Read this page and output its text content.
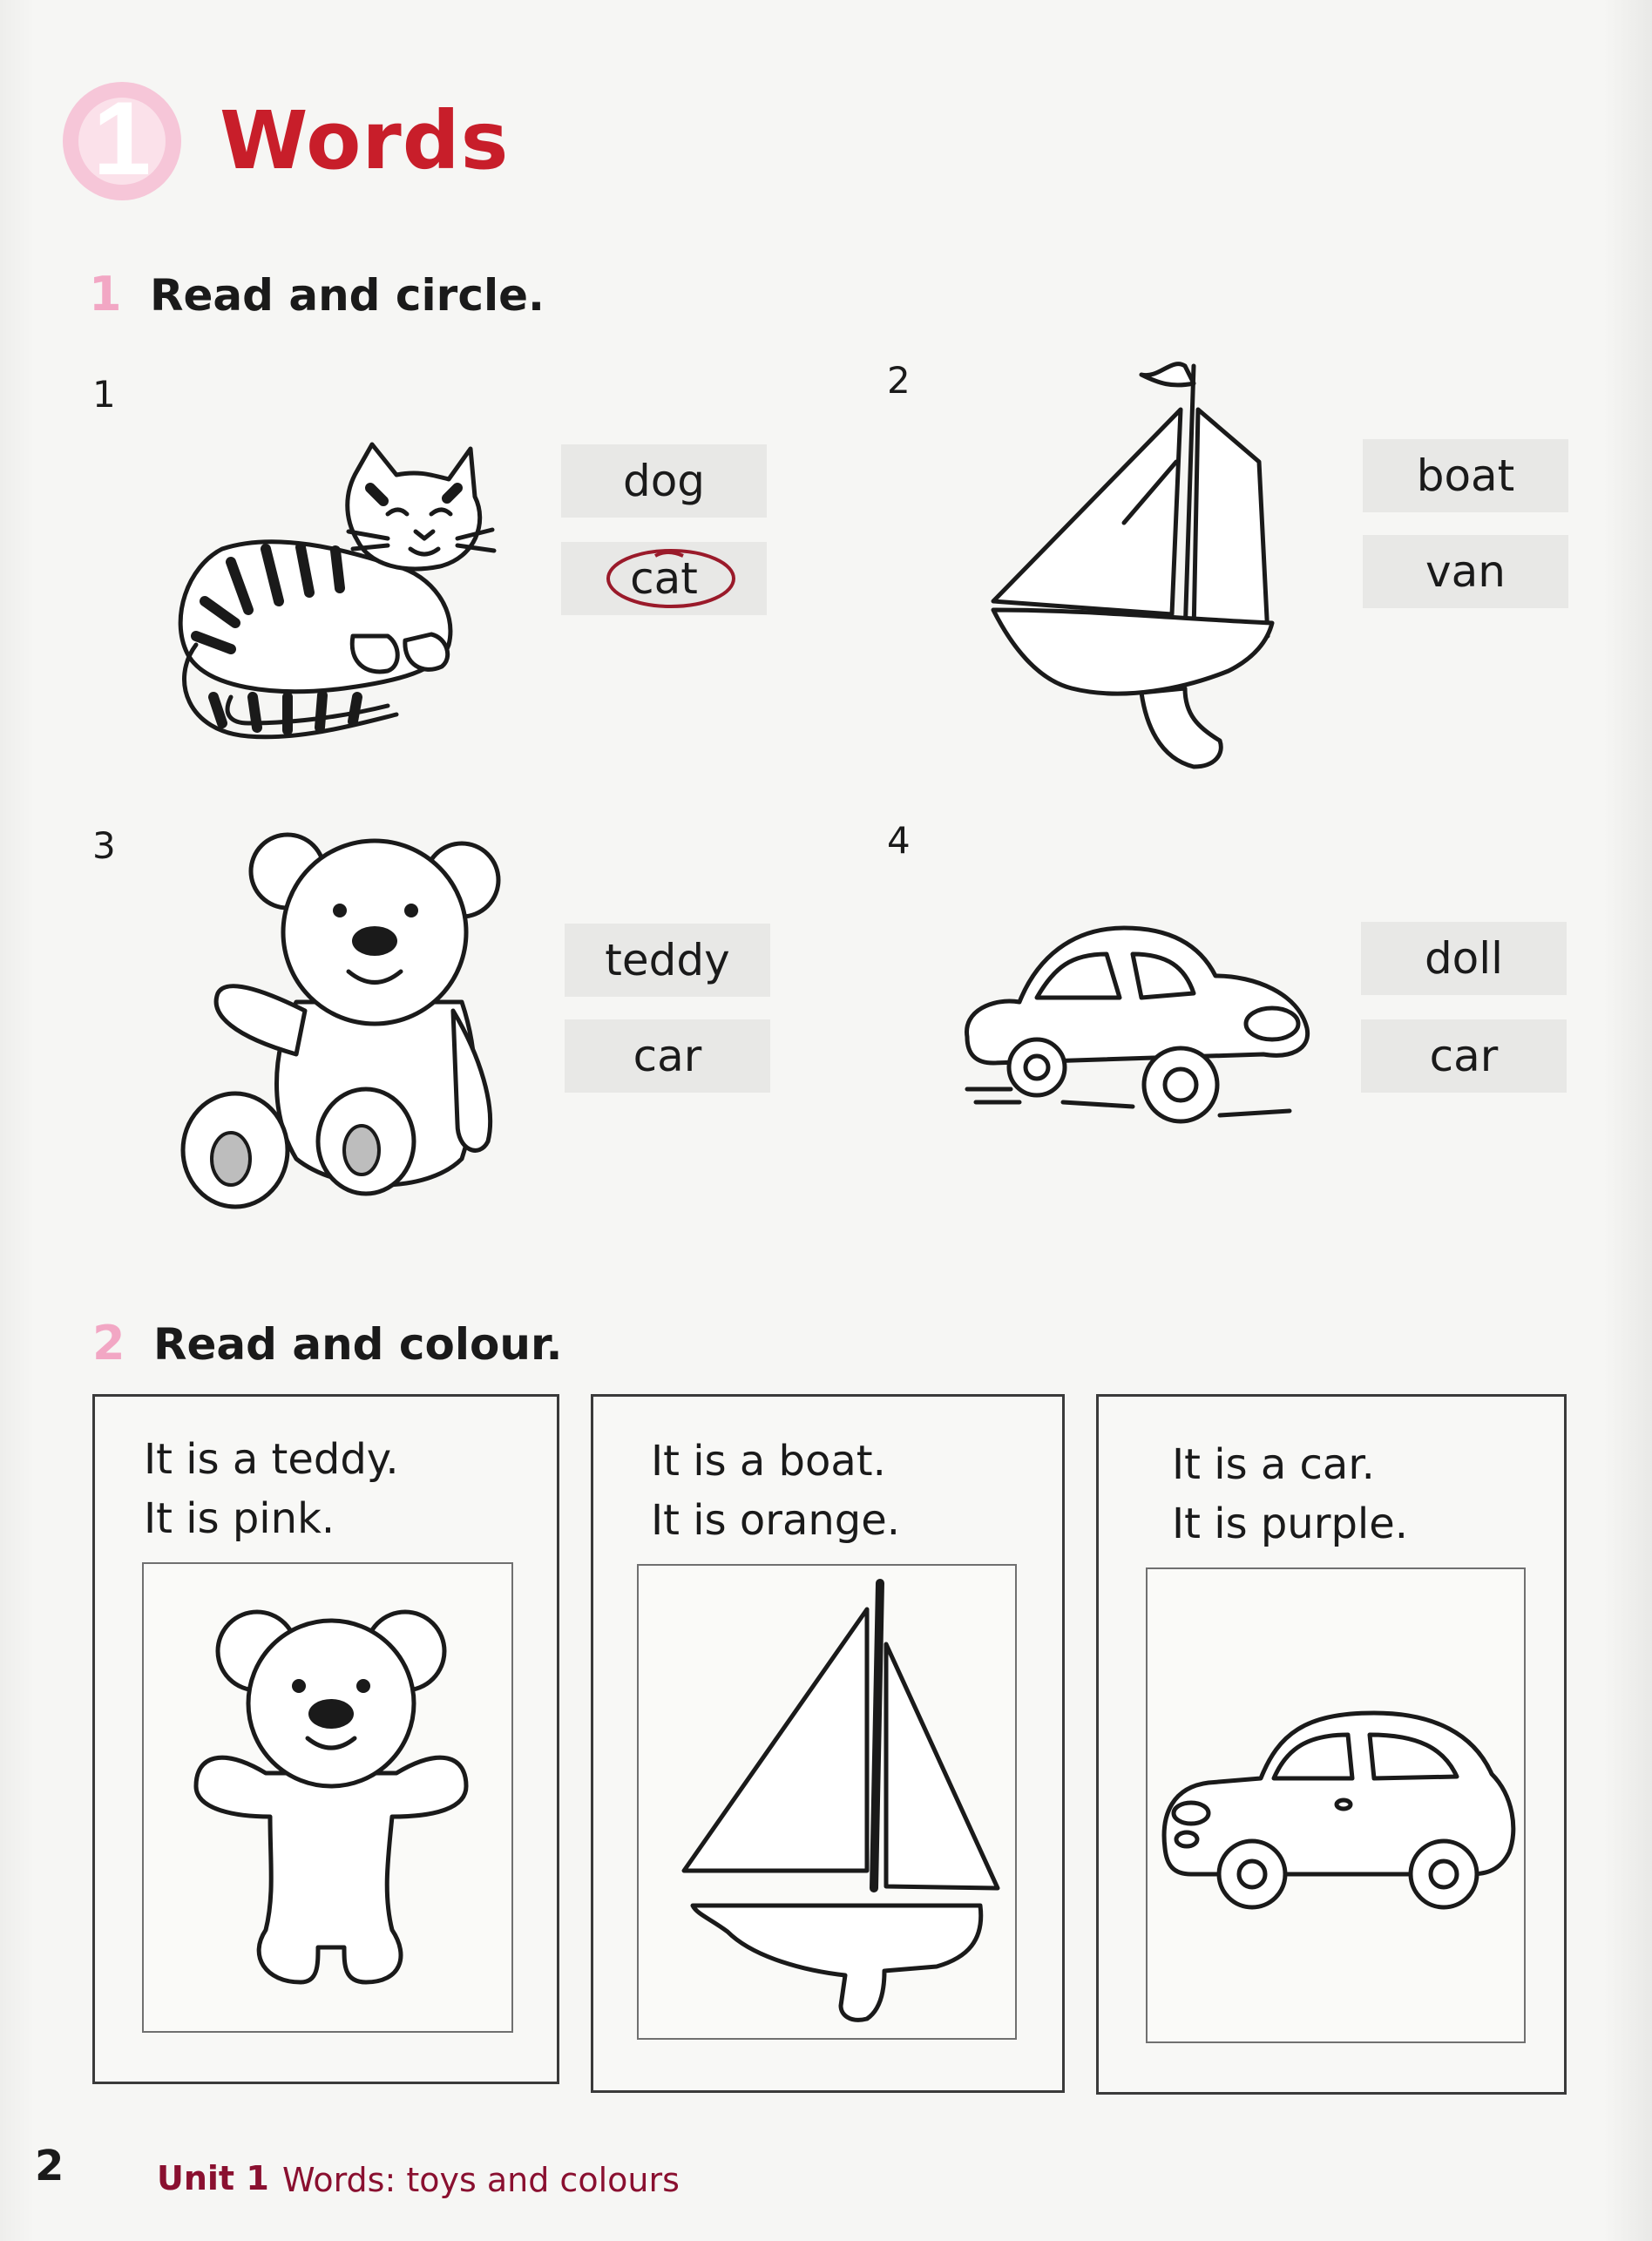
1 Words
1 Read and circle.
1
dog
cat
2
boat
van
3
teddy
car
4
doll
car
2 Read and colour.
It is a teddy.
It is pink.
It is a boat.
It is orange.
It is a car.
It is purple.
2	Unit 1 Words: toys and colours
